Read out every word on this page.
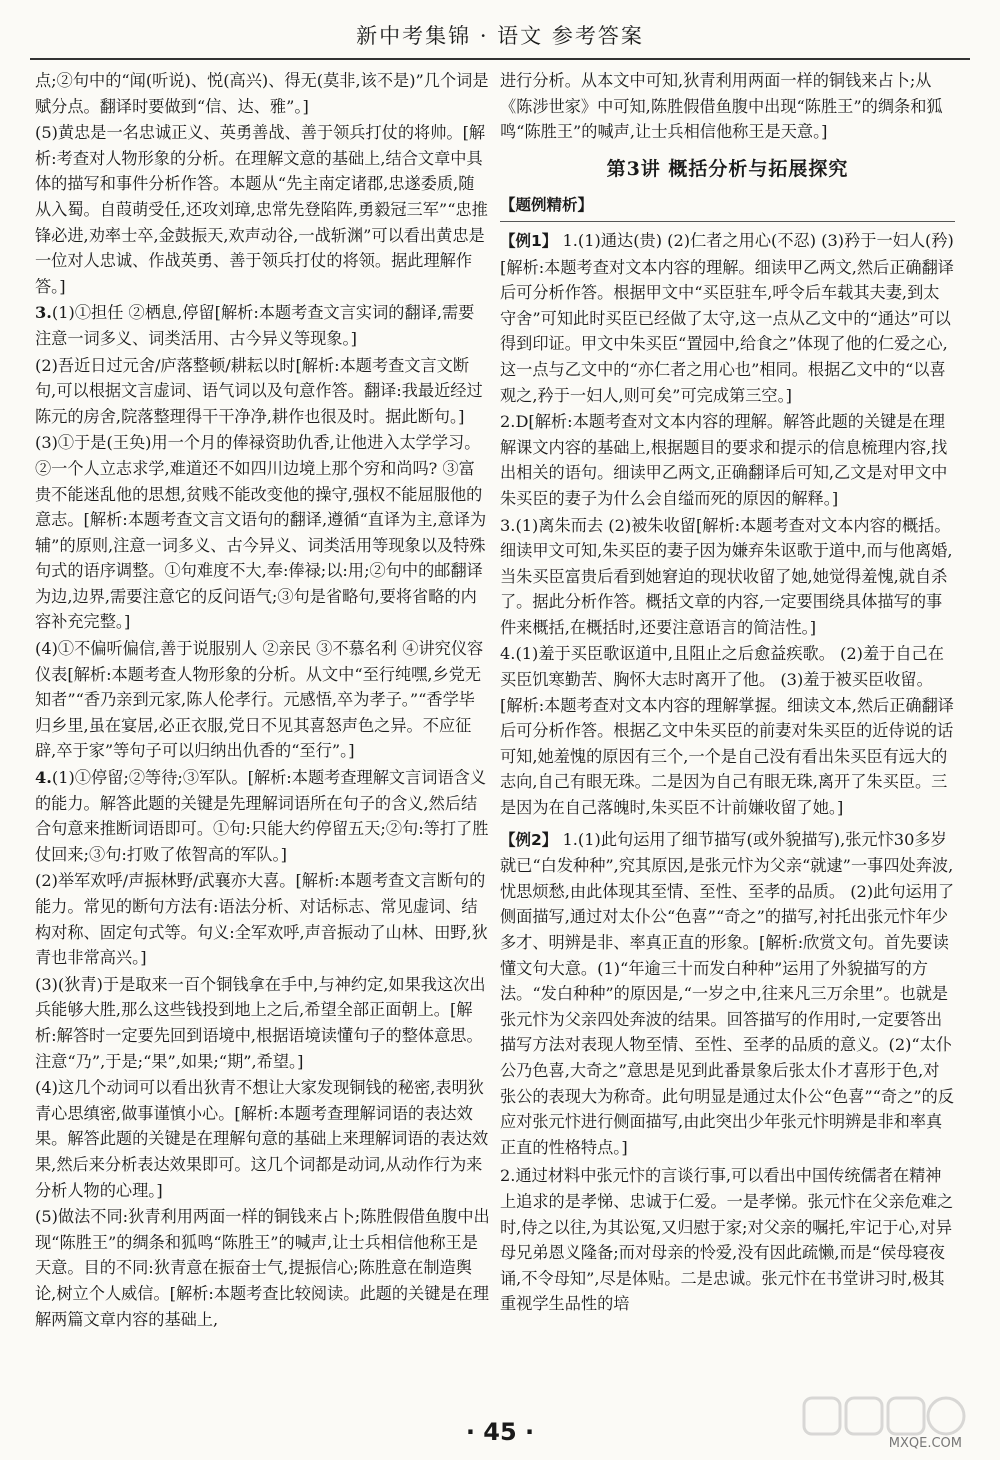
新中考集锦 · 语文 参考答案
点;②句中的“闻(听说)、悦(高兴)、得无(莫非,该不是)”几个词是赋分点。翻译时要做到“信、达、雅”。]
(5)黄忠是一名忠诚正义、英勇善战、善于领兵打仗的将帅。[解析:考查对人物形象的分析。在理解文意的基础上,结合文章中具体的描写和事件分析作答。本题从“先主南定诸郡,忠遂委质,随从入蜀。自葭萌受任,还攻刘璋,忠常先登陷阵,勇毅冠三军”“忠推锋必进,劝率士卒,金鼓振天,欢声动谷,一战斩渊”可以看出黄忠是一位对人忠诚、作战英勇、善于领兵打仗的将领。据此理解作答。]
3.(1)①担任 ②栖息,停留[解析:本题考查文言实词的翻译,需要注意一词多义、词类活用、古今异义等现象。]
(2)吾近日过元舍/庐落整顿/耕耘以时[解析:本题考查文言文断句,可以根据文言虚词、语气词以及句意作答。翻译:我最近经过陈元的房舍,院落整理得干干净净,耕作也很及时。据此断句。]
(3)①于是(王奂)用一个月的俸禄资助仇香,让他进入太学学习。 ②一个人立志求学,难道还不如四川边境上那个穷和尚吗? ③富贵不能迷乱他的思想,贫贱不能改变他的操守,强权不能屈服他的意志。[解析:本题考查文言文语句的翻译,遵循“直译为主,意译为辅”的原则,注意一词多义、古今异义、词类活用等现象以及特殊句式的语序调整。①句难度不大,奉:俸禄;以:用;②句中的邮翻译为边,边界,需要注意它的反问语气;③句是省略句,要将省略的内容补充完整。]
(4)①不偏听偏信,善于说服别人 ②亲民 ③不慕名利 ④讲究仪容仪表[解析:本题考查人物形象的分析。从文中“至行纯嘿,乡党无知者”“香乃亲到元家,陈人伦孝行。元感悟,卒为孝子。”“香学毕归乡里,虽在宴居,必正衣服,党日不见其喜怒声色之异。不应征辟,卒于家”等句子可以归纳出仇香的“至行”。]
4.(1)①停留;②等待;③军队。[解析:本题考查理解文言词语含义的能力。解答此题的关键是先理解词语所在句子的含义,然后结合句意来推断词语即可。①句:只能大约停留五天;②句:等打了胜仗回来;③句:打败了侬智高的军队。]
(2)举军欢呼/声振林野/武襄亦大喜。[解析:本题考查文言断句的能力。常见的断句方法有:语法分析、对话标志、常见虚词、结构对称、固定句式等。句义:全军欢呼,声音振动了山林、田野,狄青也非常高兴。]
(3)(狄青)于是取来一百个铜钱拿在手中,与神约定,如果我这次出兵能够大胜,那么这些钱投到地上之后,希望全部正面朝上。[解析:解答时一定要先回到语境中,根据语境读懂句子的整体意思。注意“乃”,于是;“果”,如果;“期”,希望。]
(4)这几个动词可以看出狄青不想让大家发现铜钱的秘密,表明狄青心思缜密,做事谨慎小心。[解析:本题考查理解词语的表达效果。解答此题的关键是在理解句意的基础上来理解词语的表达效果,然后来分析表达效果即可。这几个词都是动词,从动作行为来分析人物的心理。]
(5)做法不同:狄青利用两面一样的铜钱来占卜;陈胜假借鱼腹中出现“陈胜王”的绸条和狐鸣“陈胜王”的喊声,让士兵相信他称王是天意。目的不同:狄青意在振奋士气,提振信心;陈胜意在制造舆论,树立个人威信。[解析:本题考查比较阅读。此题的关键是在理解两篇文章内容的基础上,
进行分析。从本文中可知,狄青利用两面一样的铜钱来占卜;从《陈涉世家》中可知,陈胜假借鱼腹中出现“陈胜王”的绸条和狐鸣“陈胜王”的喊声,让士兵相信他称王是天意。]
第3讲 概括分析与拓展探究
【题例精析】
【例1】 1.(1)通达(贵) (2)仁者之用心(不忍) (3)矜于一妇人(矜)[解析:本题考查对文本内容的理解。细读甲乙两文,然后正确翻译后可分析作答。根据甲文中“买臣驻车,呼令后车载其夫妻,到太守舍”可知此时买臣已经做了太守,这一点从乙文中的“通达”可以得到印证。甲文中朱买臣“置园中,给食之”体现了他的仁爱之心,这一点与乙文中的“亦仁者之用心也”相同。根据乙文中的“以喜观之,矜于一妇人,则可矣”可完成第三空。]
2.D[解析:本题考查对文本内容的理解。解答此题的关键是在理解课文内容的基础上,根据题目的要求和提示的信息梳理内容,找出相关的语句。细读甲乙两文,正确翻译后可知,乙文是对甲文中朱买臣的妻子为什么会自缢而死的原因的解释。]
3.(1)离朱而去 (2)被朱收留[解析:本题考查对文本内容的概括。细读甲文可知,朱买臣的妻子因为嫌弃朱讴歌于道中,而与他离婚,当朱买臣富贵后看到她窘迫的现状收留了她,她觉得羞愧,就自杀了。据此分析作答。概括文章的内容,一定要围绕具体描写的事件来概括,在概括时,还要注意语言的简洁性。]
4.(1)羞于买臣歌讴道中,且阻止之后愈益疾歌。 (2)羞于自己在买臣饥寒勤苦、胸怀大志时离开了他。 (3)羞于被买臣收留。[解析:本题考查对文本内容的理解掌握。细读文本,然后正确翻译后可分析作答。根据乙文中朱买臣的前妻对朱买臣的近侍说的话可知,她羞愧的原因有三个,一个是自己没有看出朱买臣有远大的志向,自己有眼无珠。二是因为自己有眼无珠,离开了朱买臣。三是因为在自己落魄时,朱买臣不计前嫌收留了她。]
【例2】 1.(1)此句运用了细节描写(或外貌描写),张元忭30多岁就已“白发种种”,究其原因,是张元忭为父亲“就逮”一事四处奔波,忧思烦愁,由此体现其至情、至性、至孝的品质。 (2)此句运用了侧面描写,通过对太仆公“色喜”“奇之”的描写,衬托出张元忭年少多才、明辨是非、率真正直的形象。[解析:欣赏文句。首先要读懂文句大意。(1)“年逾三十而发白种种”运用了外貌描写的方法。“发白种种”的原因是,“一岁之中,往来凡三万余里”。也就是张元忭为父亲四处奔波的结果。回答描写的作用时,一定要答出描写方法对表现人物至情、至性、至孝的品质的意义。(2)“太仆公乃色喜,大奇之”意思是见到此番景象后张太仆才喜形于色,对张公的表现大为称奇。此句明显是通过太仆公“色喜”“奇之”的反应对张元忭进行侧面描写,由此突出少年张元忭明辨是非和率真正直的性格特点。]
2.通过材料中张元忭的言谈行事,可以看出中国传统儒者在精神上追求的是孝悌、忠诚于仁爱。一是孝悌。张元忭在父亲危难之时,侍之以往,为其讼冤,又归慰于家;对父亲的嘱托,牢记于心,对异母兄弟恩义隆备;而对母亲的怜爱,没有因此疏懒,而是“侯母寝夜诵,不令母知”,尽是体贴。二是忠诚。张元忭在书堂讲习时,极其重视学生品性的培
· 45 ·	MXQE.COM
